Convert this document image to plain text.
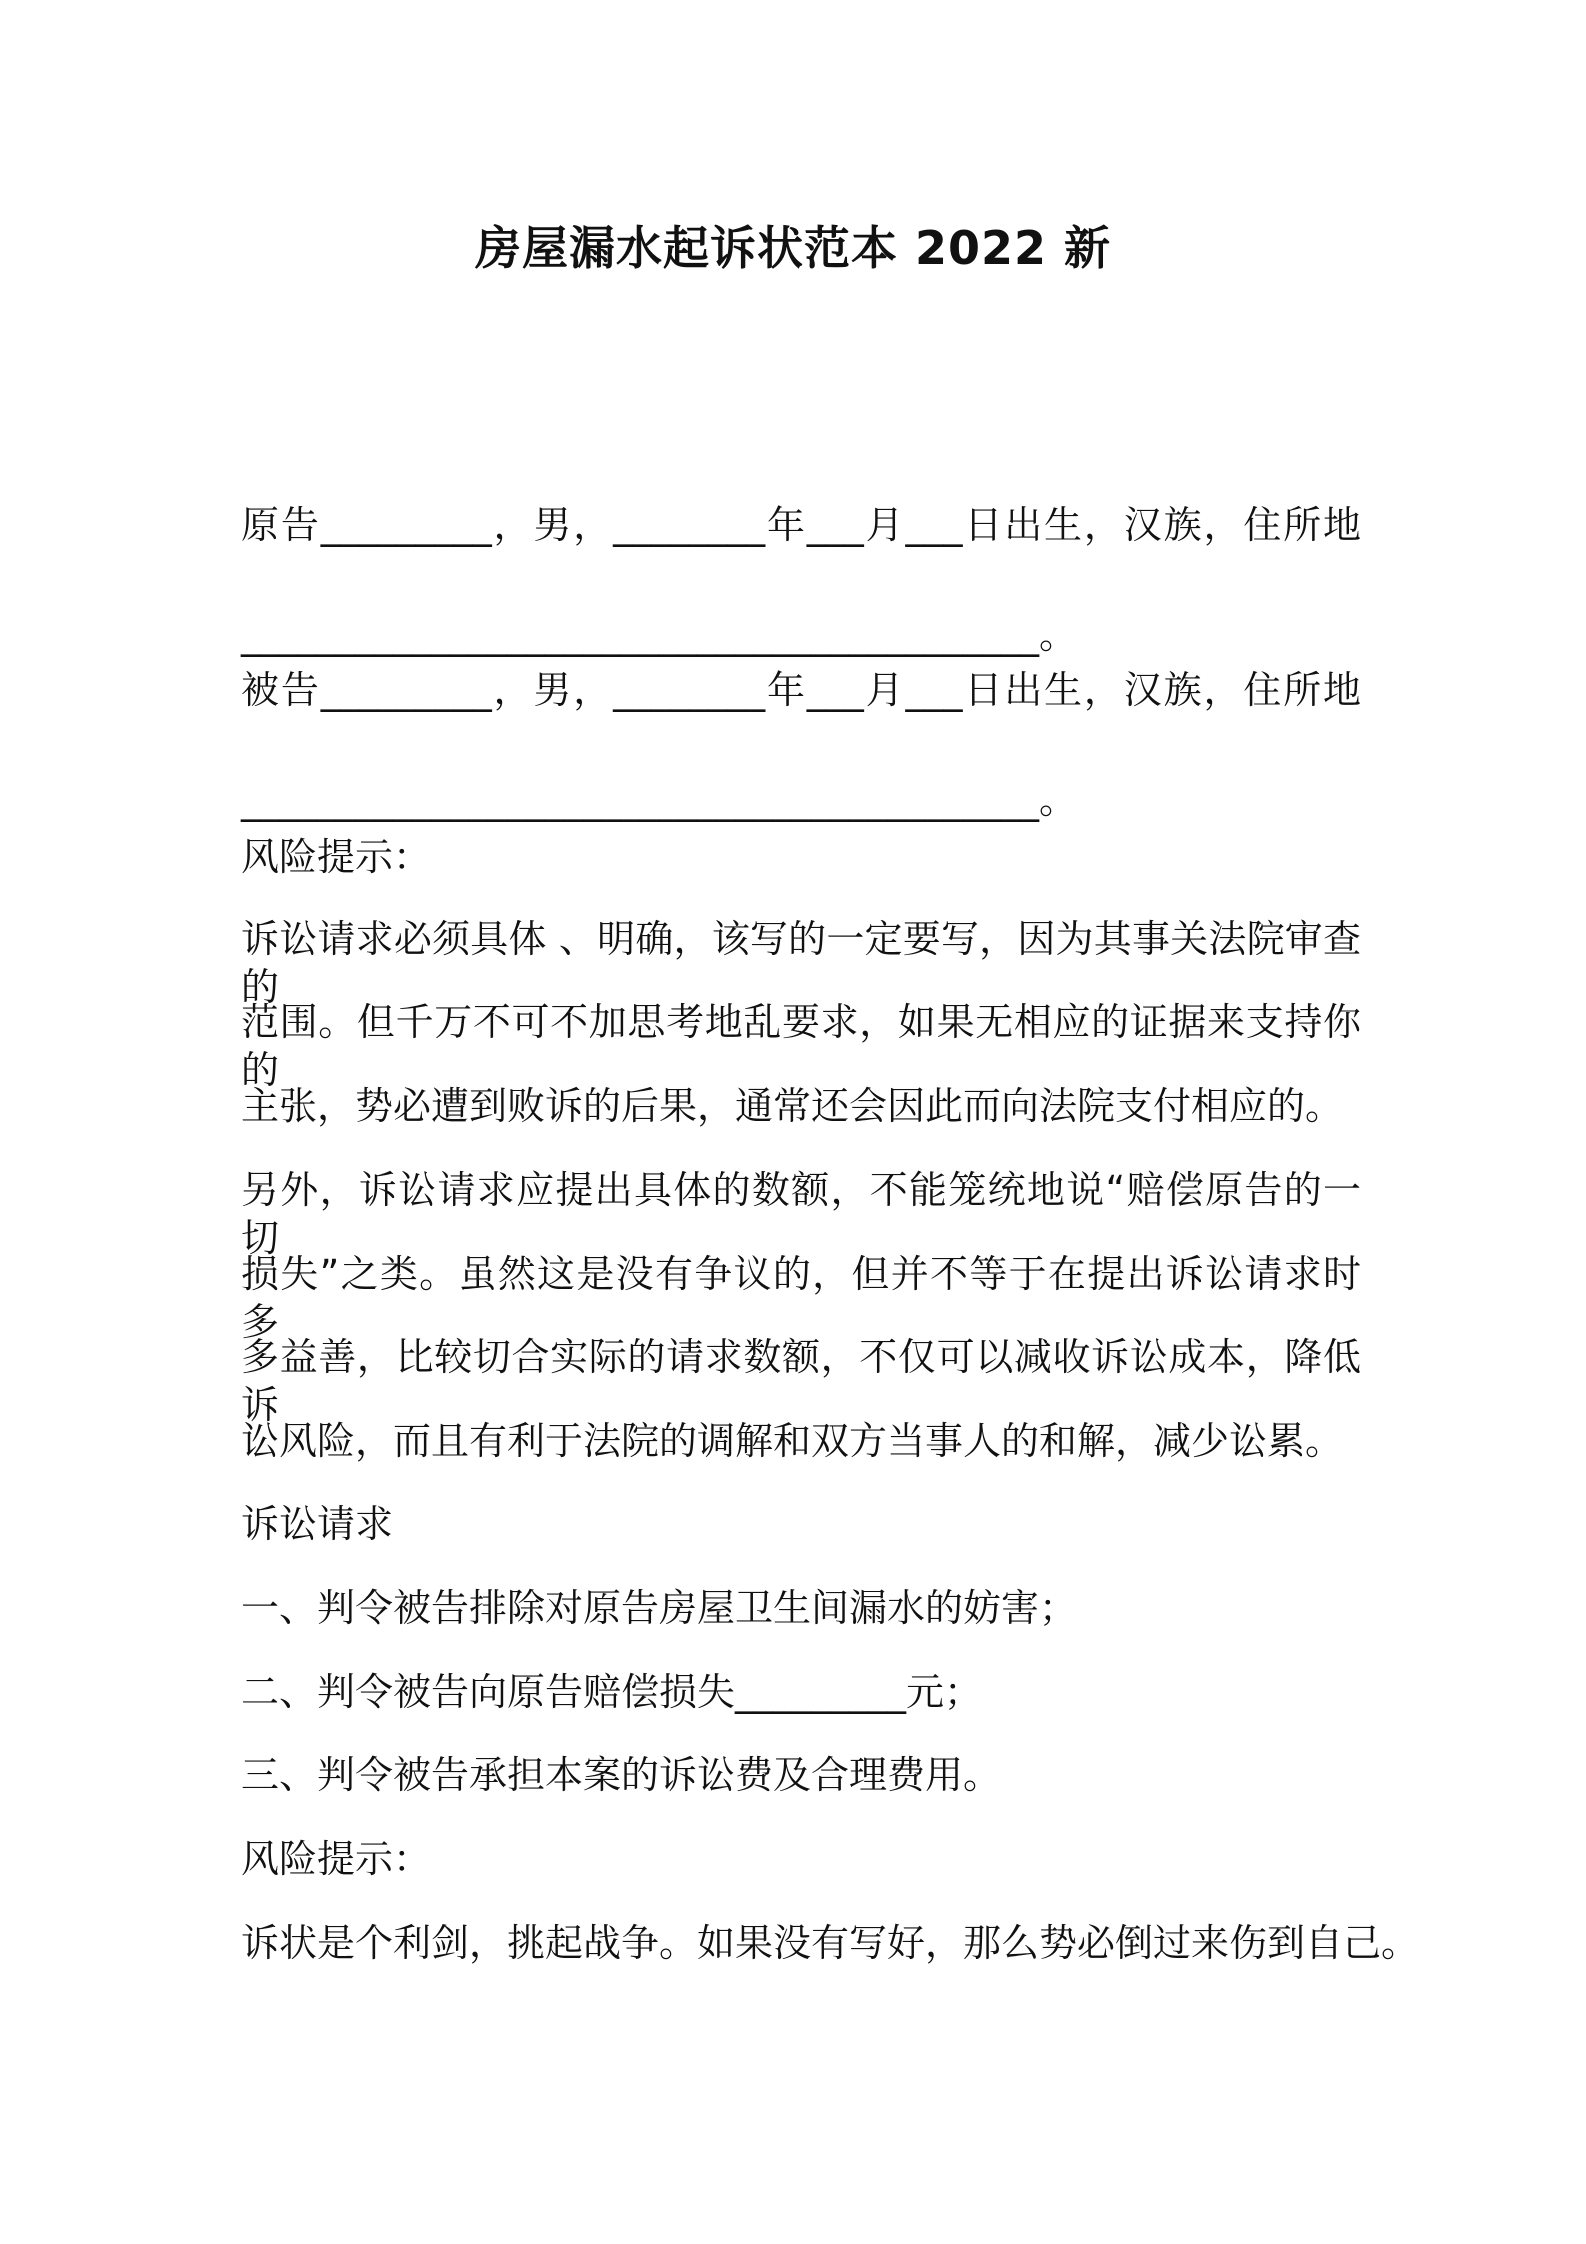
房屋漏水起诉状范本 2022 新
原告_________，男，________年___月___日出生，汉族，住所地
__________________________________________。
被告_________，男，________年___月___日出生，汉族，住所地
__________________________________________。
风险提示：
诉讼请求必须具体 、明确，该写的一定要写，因为其事关法院审查的
范围。但千万不可不加思考地乱要求，如果无相应的证据来支持你的
主张，势必遭到败诉的后果，通常还会因此而向法院支付相应的。
另外，诉讼请求应提出具体的数额，不能笼统地说“赔偿原告的一切
损失”之类。虽然这是没有争议的，但并不等于在提出诉讼请求时多
多益善，比较切合实际的请求数额，不仅可以减收诉讼成本，降低诉
讼风险，而且有利于法院的调解和双方当事人的和解，减少讼累。
诉讼请求
一、判令被告排除对原告房屋卫生间漏水的妨害；
二、判令被告向原告赔偿损失_________元；
三、判令被告承担本案的诉讼费及合理费用。
风险提示：
诉状是个利剑，挑起战争。如果没有写好，那么势必倒过来伤到自己。
